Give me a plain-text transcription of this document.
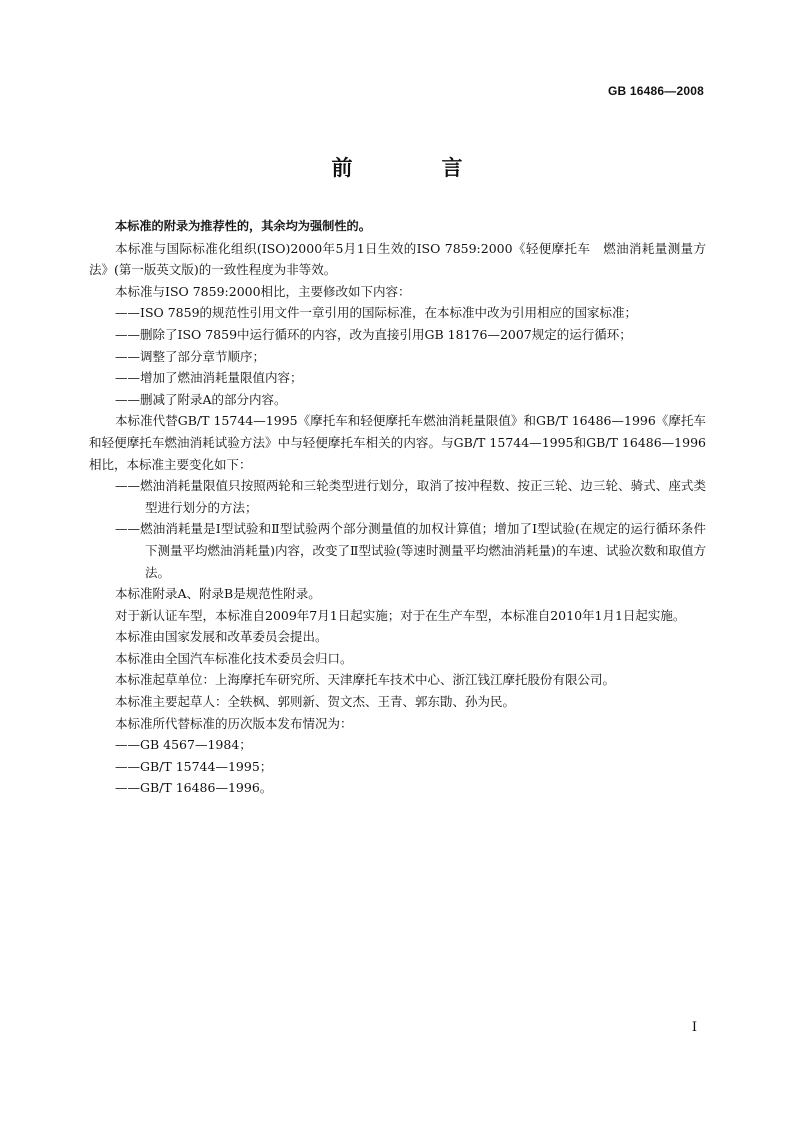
GB 16486—2008
前　言

本标准的附录为推荐性的，其余均为强制性的。

本标准与国际标准化组织(ISO)2000年5月1日生效的ISO 7859:2000《轻便摩托车　燃油消耗量测量方法》(第一版英文版)的一致性程度为非等效。

本标准与ISO 7859:2000相比，主要修改如下内容：

——ISO 7859的规范性引用文件一章引用的国际标准，在本标准中改为引用相应的国家标准；

——删除了ISO 7859中运行循环的内容，改为直接引用GB 18176—2007规定的运行循环；

——调整了部分章节顺序；

——增加了燃油消耗量限值内容；

——删减了附录A的部分内容。

本标准代替GB/T 15744—1995《摩托车和轻便摩托车燃油消耗量限值》和GB/T 16486—1996《摩托车和轻便摩托车燃油消耗试验方法》中与轻便摩托车相关的内容。与GB/T 15744—1995和GB/T 16486—1996相比，本标准主要变化如下：

——燃油消耗量限值只按照两轮和三轮类型进行划分，取消了按冲程数、按正三轮、边三轮、骑式、座式类型进行划分的方法；

——燃油消耗量是Ⅰ型试验和Ⅱ型试验两个部分测量值的加权计算值；增加了Ⅰ型试验(在规定的运行循环条件下测量平均燃油消耗量)内容，改变了Ⅱ型试验(等速时测量平均燃油消耗量)的车速、试验次数和取值方法。

本标准附录A、附录B是规范性附录。

对于新认证车型，本标准自2009年7月1日起实施；对于在生产车型，本标准自2010年1月1日起实施。

本标准由国家发展和改革委员会提出。

本标准由全国汽车标准化技术委员会归口。

本标准起草单位：上海摩托车研究所、天津摩托车技术中心、浙江钱江摩托股份有限公司。

本标准主要起草人：全轶枫、郭则新、贺文杰、王青、郭东勖、孙为民。

本标准所代替标准的历次版本发布情况为：

——GB 4567—1984；

——GB/T 15744—1995；

——GB/T 16486—1996。

I
